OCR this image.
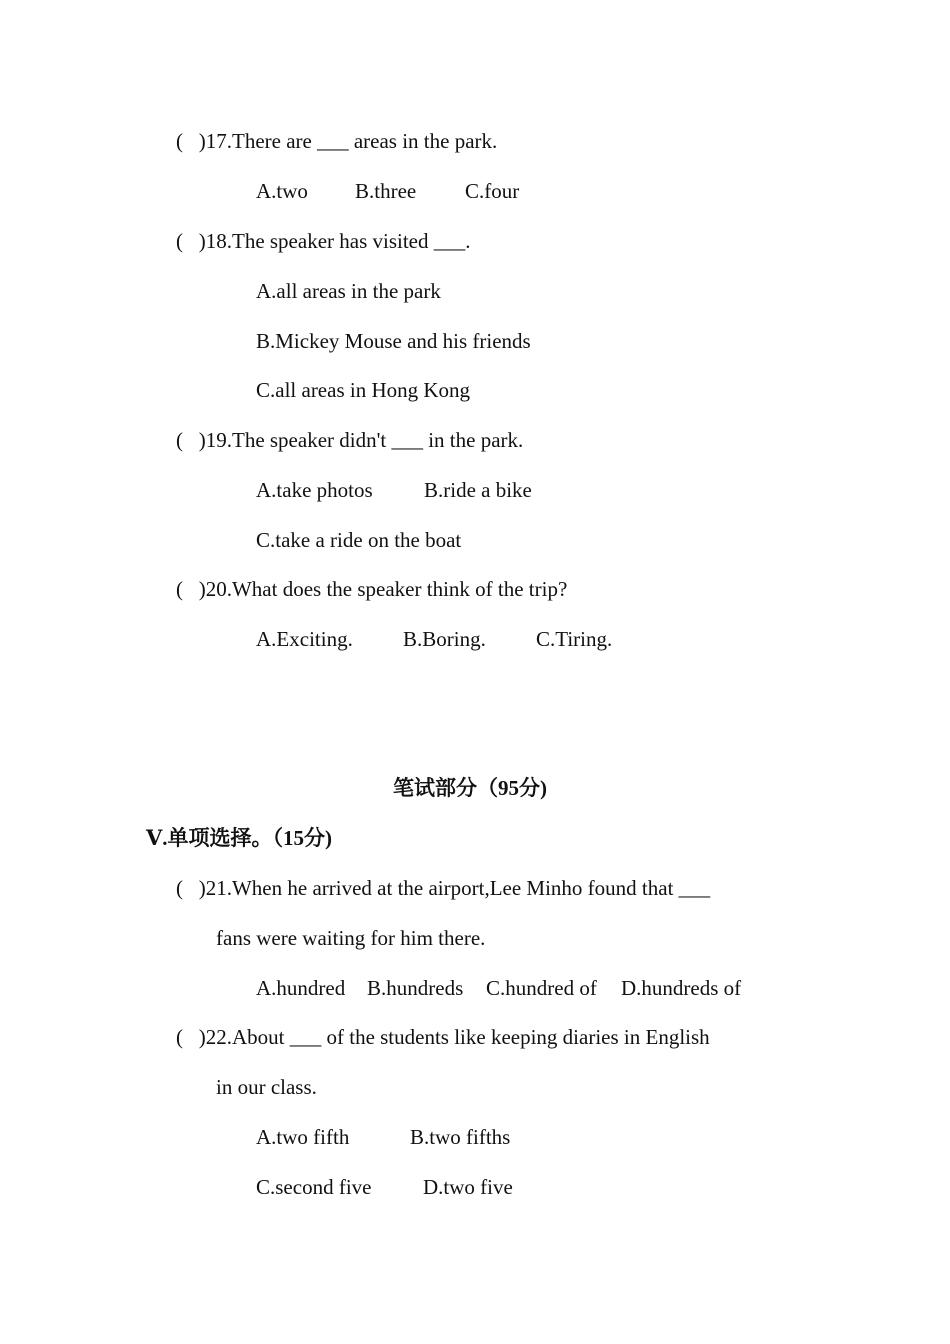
(   )17.There are ___ areas in the park.
A.two B.three C.four
(   )18.The speaker has visited ___.
A.all areas in the park
B.Mickey Mouse and his friends
C.all areas in Hong Kong
(   )19.The speaker didn't ___ in the park.
A.take photos B.ride a bike
C.take a ride on the boat
(   )20.What does the speaker think of the trip?
A.Exciting. B.Boring. C.Tiring.
笔试部分（95分)
Ⅴ.单项选择。（15分)
(   )21.When he arrived at the airport,Lee Minho found that ___
fans were waiting for him there.
A.hundred B.hundreds C.hundred of D.hundreds of
(   )22.About ___ of the students like keeping diaries in English
in our class.
A.two fifth	B.two fifths
C.second five D.two five
